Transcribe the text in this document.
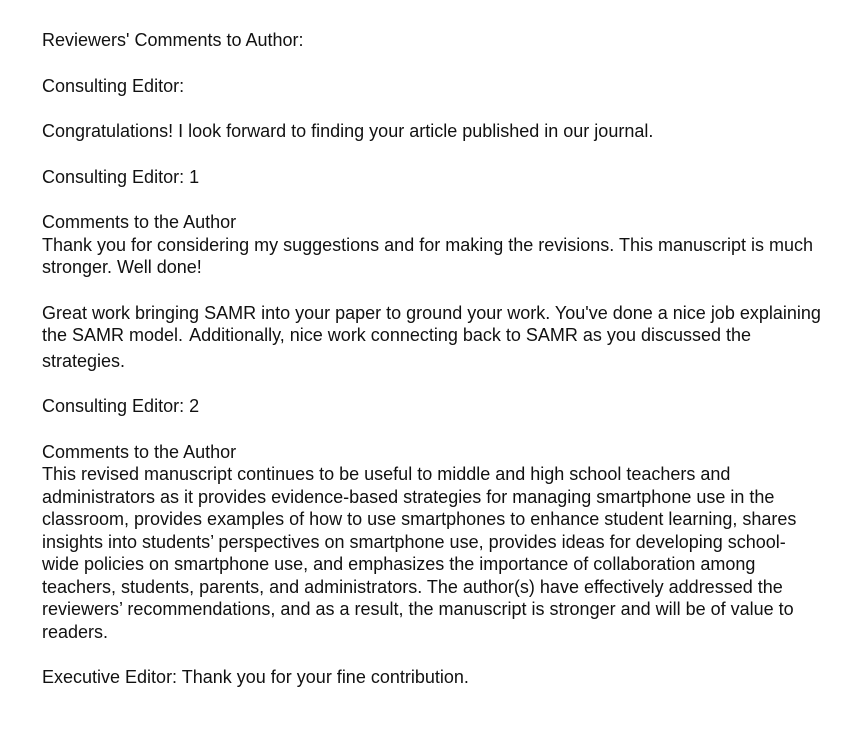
Reviewers' Comments to Author:

Consulting Editor:

Congratulations! I look forward to finding your article published in our journal.

Consulting Editor: 1

Comments to the Author
Thank you for considering my suggestions and for making the revisions. This manuscript is much stronger. Well done!

Great work bringing SAMR into your paper to ground your work. You've done a nice job explaining the SAMR model. Additionally, nice work connecting back to SAMR as you discussed the strategies.

Consulting Editor: 2

Comments to the Author
This revised manuscript continues to be useful to middle and high school teachers and administrators as it provides evidence-based strategies for managing smartphone use in the classroom, provides examples of how to use smartphones to enhance student learning, shares insights into students’ perspectives on smartphone use, provides ideas for developing school-wide policies on smartphone use, and emphasizes the importance of collaboration among teachers, students, parents, and administrators. The author(s) have effectively addressed the reviewers’ recommendations, and as a result, the manuscript is stronger and will be of value to readers.

Executive Editor: Thank you for your fine contribution.
